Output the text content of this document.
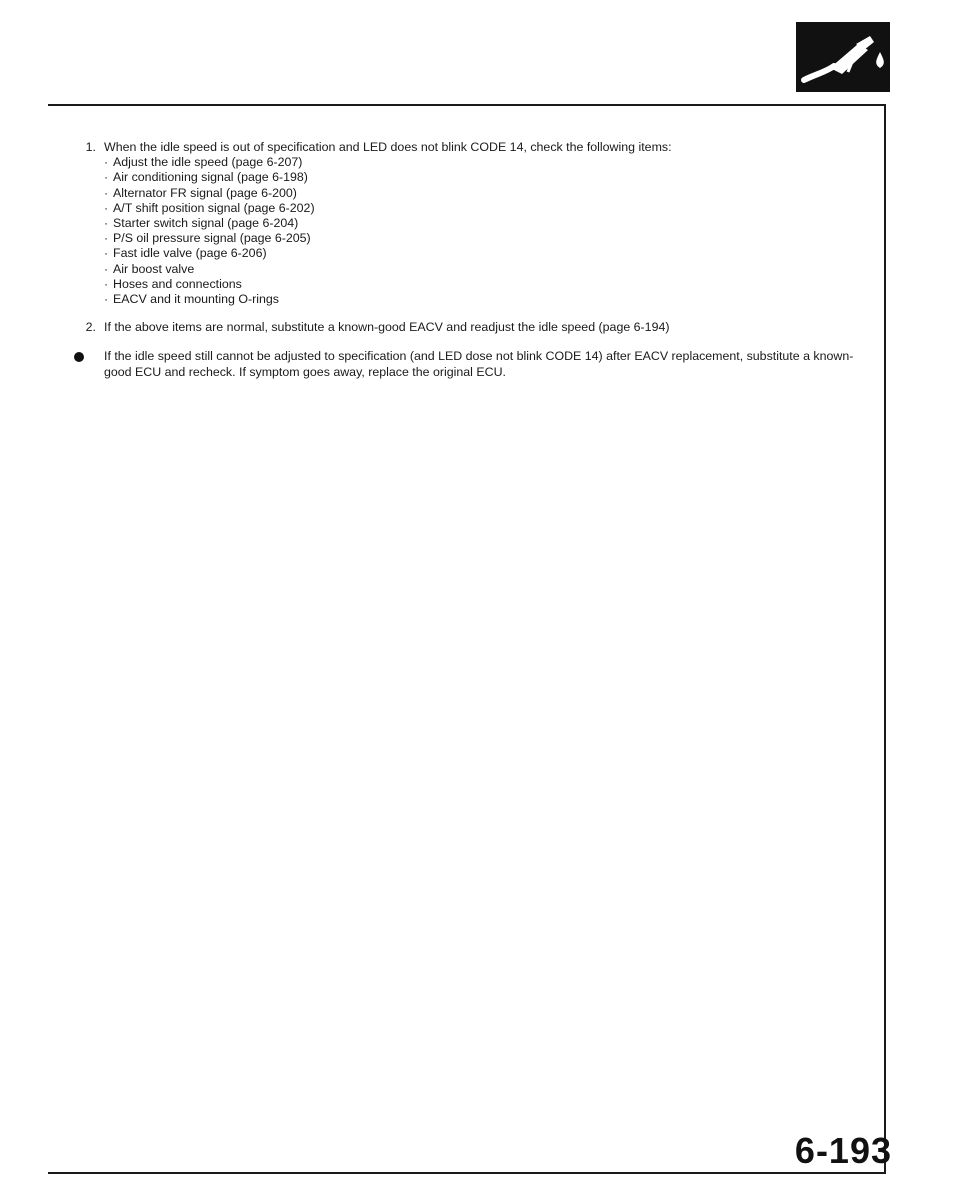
1. When the idle speed is out of specification and LED does not blink CODE 14, check the following items:
· Adjust the idle speed (page 6-207)
· Air conditioning signal (page 6-198)
· Alternator FR signal (page 6-200)
· A/T shift position signal (page 6-202)
· Starter switch signal (page 6-204)
· P/S oil pressure signal (page 6-205)
· Fast idle valve (page 6-206)
· Air boost valve
· Hoses and connections
· EACV and it mounting O-rings
2. If the above items are normal, substitute a known-good EACV and readjust the idle speed (page 6-194)
If the idle speed still cannot be adjusted to specification (and LED dose not blink CODE 14) after EACV replacement, substitute a known-good ECU and recheck. If symptom goes away, replace the original ECU.
6-193
